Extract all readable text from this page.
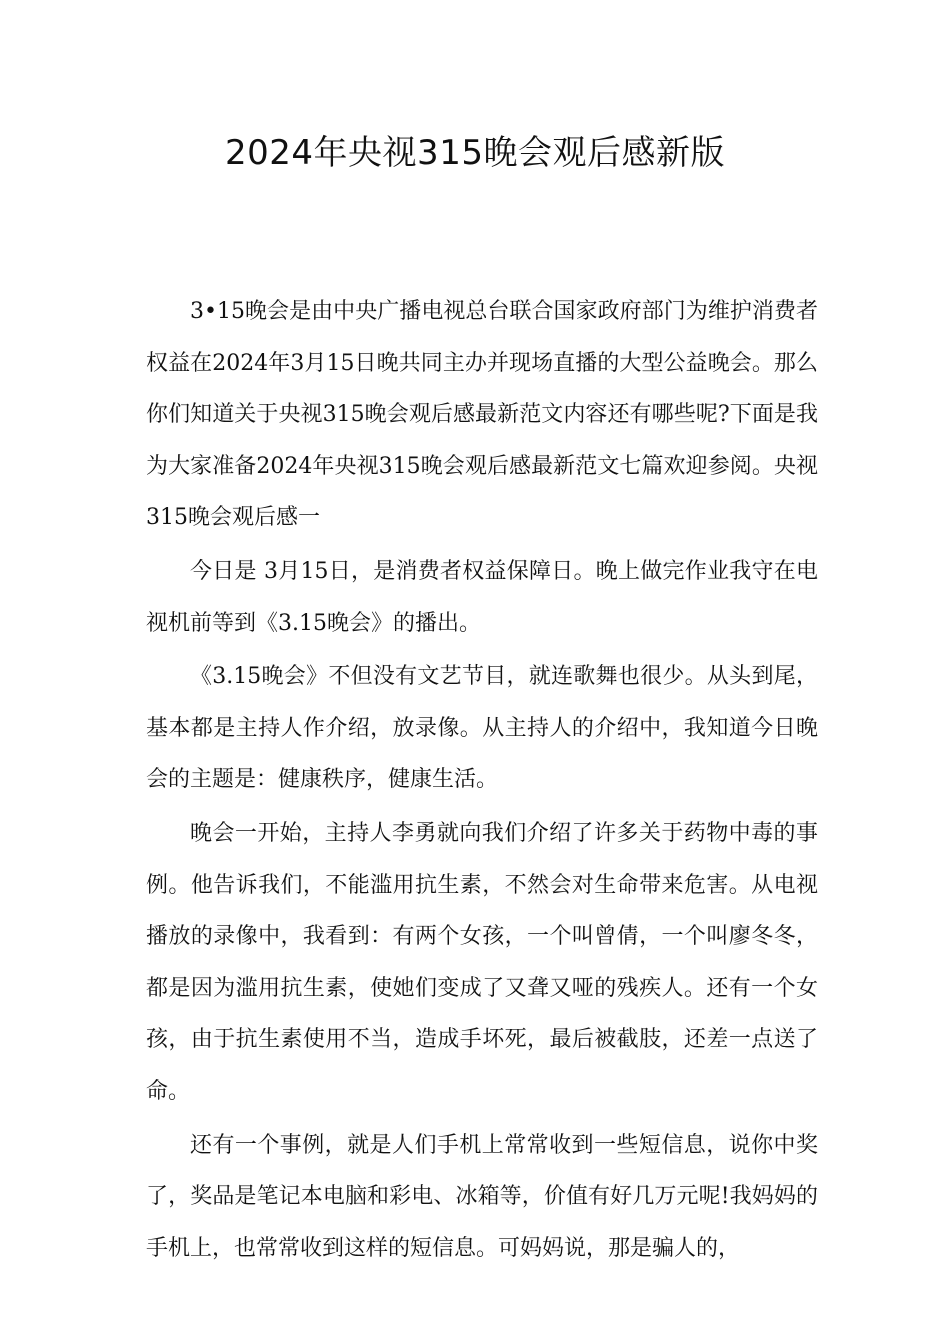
2024年央视315晚会观后感新版

3•15晚会是由中央广播电视总台联合国家政府部门为维护消费者权益在2024年3月15日晚共同主办并现场直播的大型公益晚会。那么你们知道关于央视315晚会观后感最新范文内容还有哪些呢?下面是我为大家准备2024年央视315晚会观后感最新范文七篇欢迎参阅。央视315晚会观后感一

今日是 3月15日，是消费者权益保障日。晚上做完作业我守在电视机前等到《3.15晚会》的播出。

《3.15晚会》不但没有文艺节目，就连歌舞也很少。从头到尾，基本都是主持人作介绍，放录像。从主持人的介绍中，我知道今日晚会的主题是：健康秩序，健康生活。

晚会一开始，主持人李勇就向我们介绍了许多关于药物中毒的事例。他告诉我们，不能滥用抗生素，不然会对生命带来危害。从电视播放的录像中，我看到：有两个女孩，一个叫曾倩，一个叫廖冬冬，都是因为滥用抗生素，使她们变成了又聋又哑的残疾人。还有一个女孩，由于抗生素使用不当，造成手坏死，最后被截肢，还差一点送了命。

还有一个事例，就是人们手机上常常收到一些短信息，说你中奖了，奖品是笔记本电脑和彩电、冰箱等，价值有好几万元呢!我妈妈的手机上，也常常收到这样的短信息。可妈妈说，那是骗人的，
